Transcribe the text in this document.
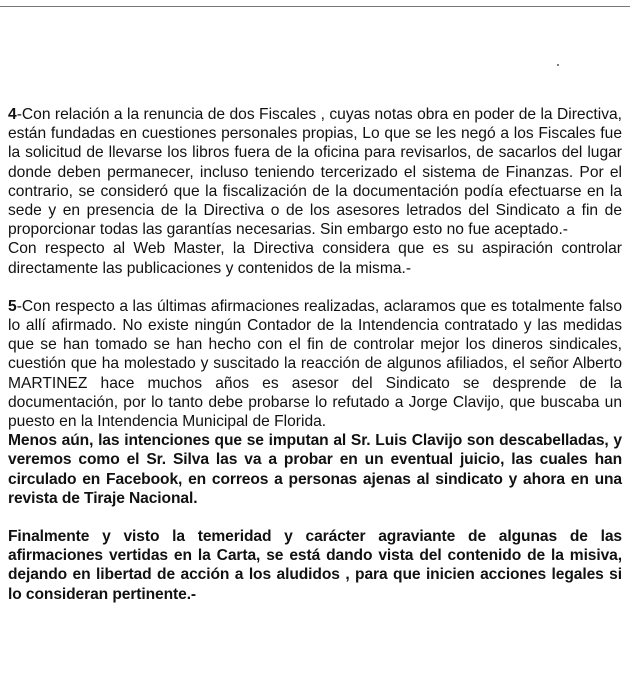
4-Con relación a la renuncia de dos Fiscales , cuyas notas obra en poder de la Directiva, están fundadas en cuestiones personales propias, Lo que se les negó a los Fiscales fue la solicitud de llevarse los libros fuera de la oficina para revisarlos, de sacarlos del lugar donde deben permanecer, incluso teniendo tercerizado el sistema de Finanzas. Por el contrario, se consideró que la fiscalización de la documentación podía efectuarse en la sede y en presencia de la Directiva o de los asesores letrados del Sindicato a fin de proporcionar todas las garantías necesarias. Sin embargo esto no fue aceptado.-

Con respecto al Web Master, la Directiva considera que es su aspiración controlar directamente las publicaciones y contenidos de la misma.-

5-Con respecto a las últimas afirmaciones realizadas, aclaramos que es totalmente falso lo allí afirmado. No existe ningún Contador de la Intendencia contratado y las medidas que se han tomado se han hecho con el fin de controlar mejor los dineros sindicales, cuestión que ha molestado y suscitado la reacción de algunos afiliados, el señor Alberto MARTINEZ hace muchos años es asesor del Sindicato se desprende de la documentación, por lo tanto debe probarse lo refutado a Jorge Clavijo, que buscaba un puesto en la Intendencia Municipal de Florida.

Menos aún, las intenciones que se imputan al Sr. Luis Clavijo son descabelladas, y veremos como el Sr. Silva las va a probar en un eventual juicio, las cuales han circulado en Facebook, en correos a personas ajenas al sindicato y ahora en una revista de Tiraje Nacional.

Finalmente y visto la temeridad y carácter agraviante de algunas de las afirmaciones vertidas en la Carta, se está dando vista del contenido de la misiva, dejando en libertad de acción a los aludidos , para que inicien acciones legales si lo consideran pertinente.-
